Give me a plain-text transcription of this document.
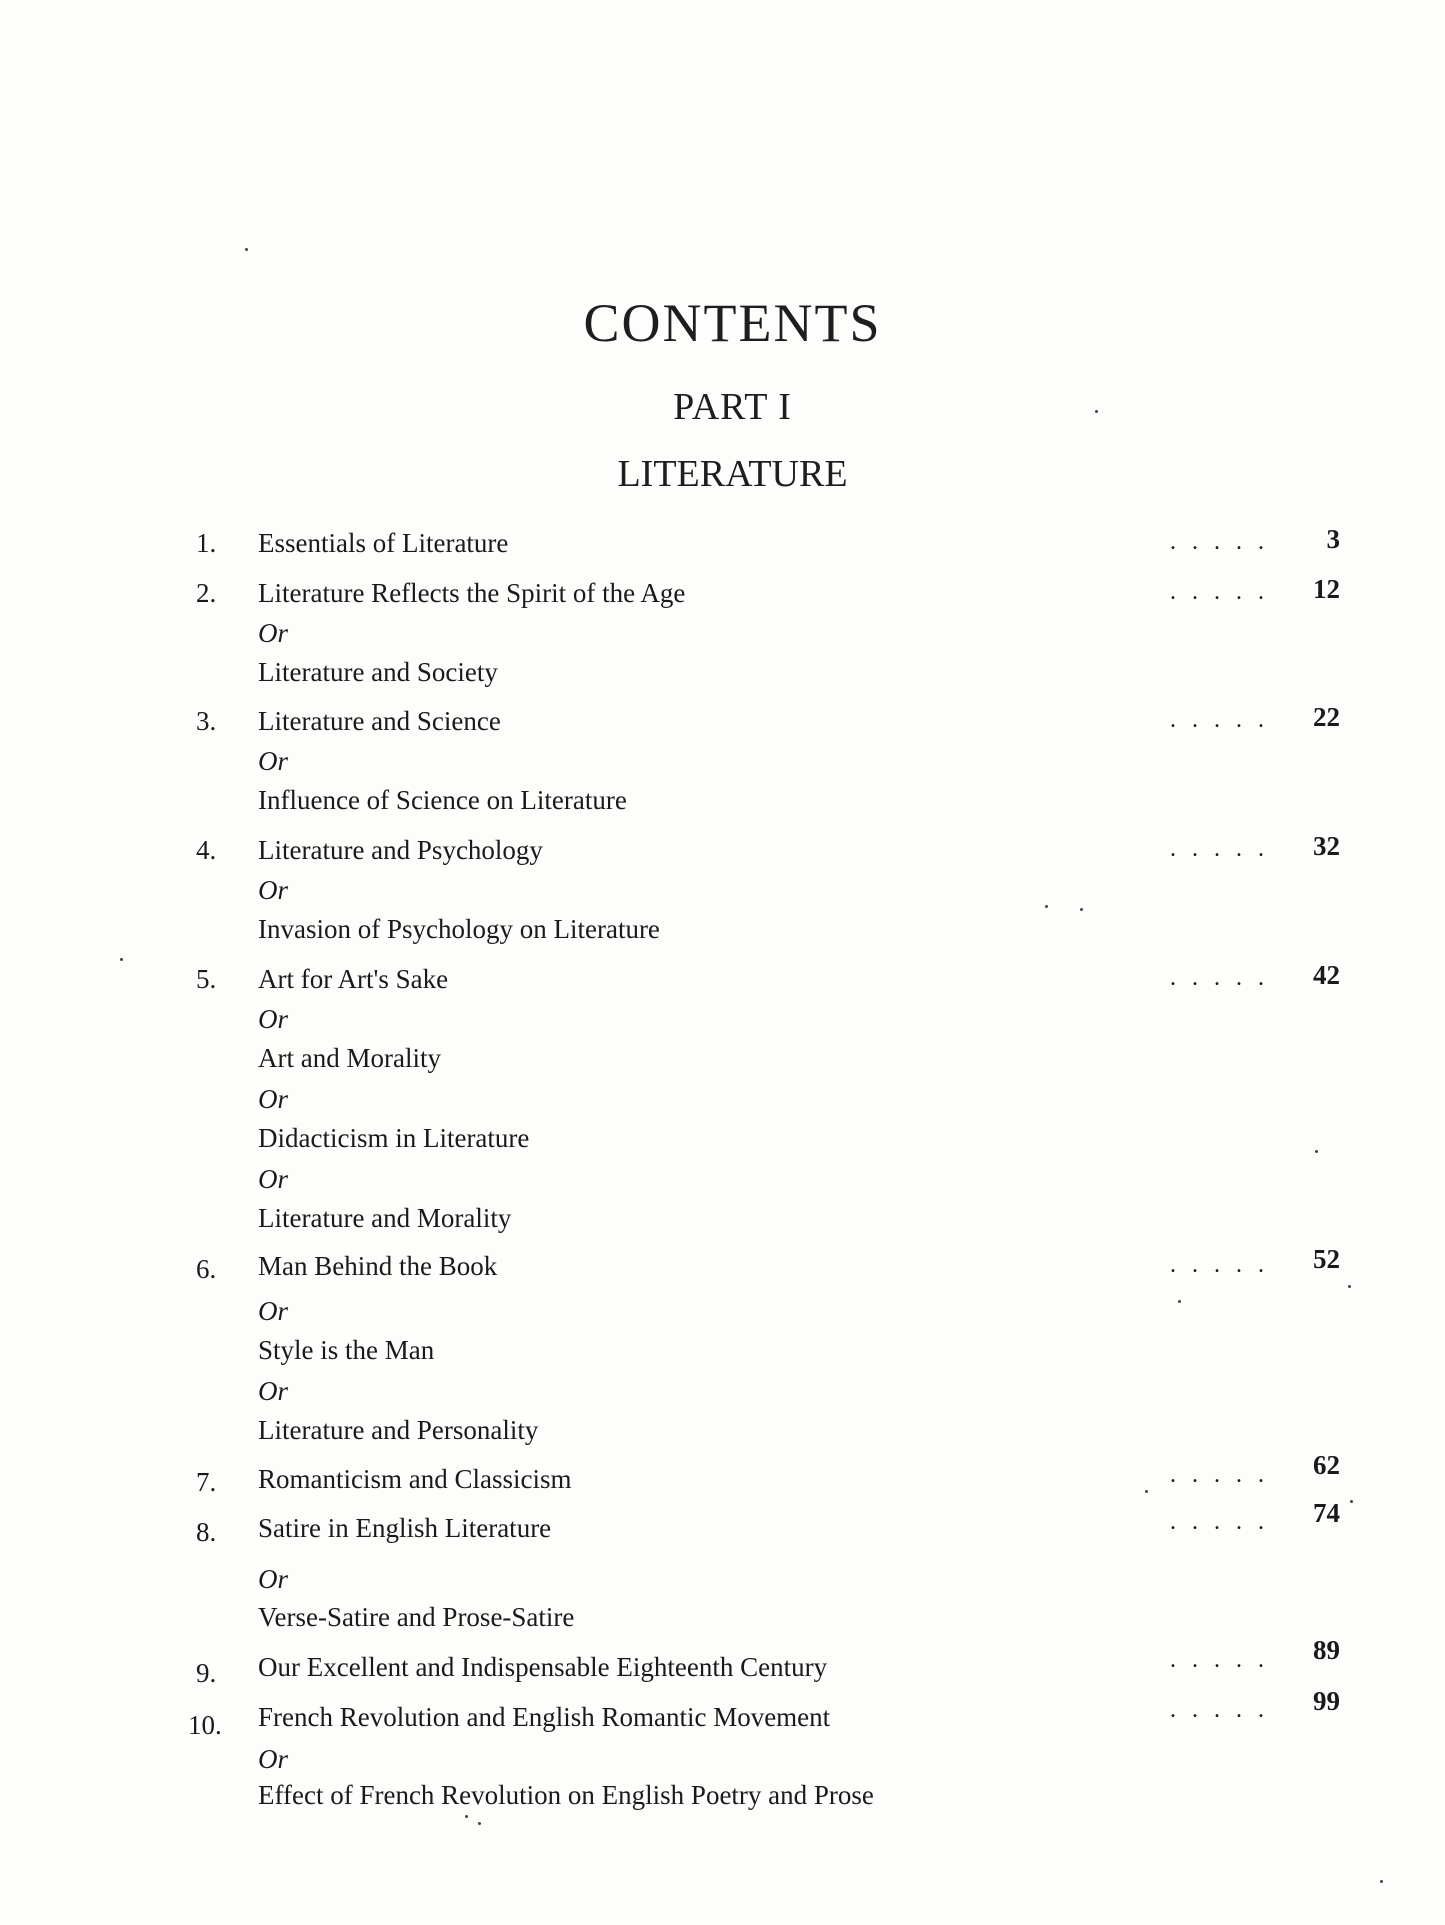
CONTENTS
PART I
LITERATURE
1. Essentials of Literature	. . . . .	3
2. Literature Reflects the Spirit of the Age	. . . . .	12
Or
Literature and Society
3. Literature and Science	. . . . .	22
Or
Influence of Science on Literature
4. Literature and Psychology	. . . . .	32
Or
Invasion of Psychology on Literature
5. Art for Art's Sake	. . . . .	42
Or
Art and Morality
Or
Didacticism in Literature
Or
Literature and Morality
6. Man Behind the Book	. . . . .	52
Or
Style is the Man
Or
Literature and Personality
7. Romanticism and Classicism	. . . . .	62
8. Satire in English Literature	. . . . .	74
Or
Verse-Satire and Prose-Satire
9. Our Excellent and Indispensable Eighteenth Century	. . . . .	89
10. French Revolution and English Romantic Movement	. . . . .	99
Or
Effect of French Revolution on English Poetry and Prose
